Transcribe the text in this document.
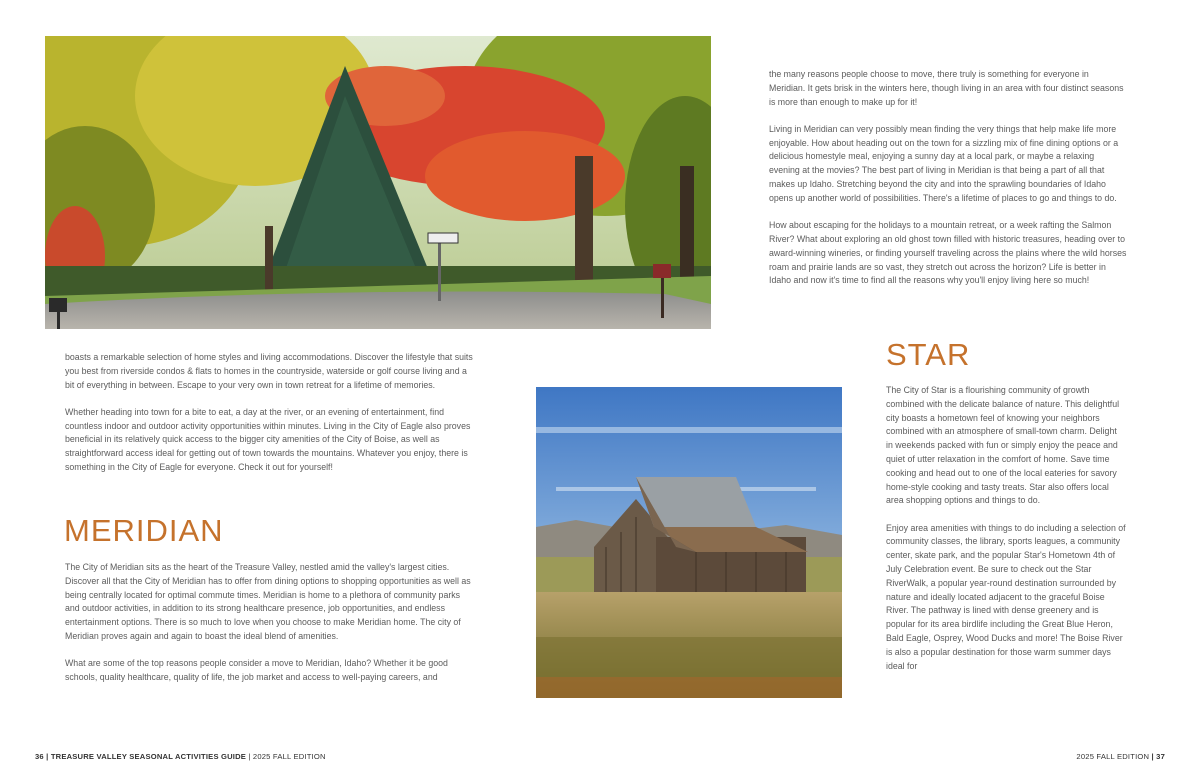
the many reasons people choose to move, there truly is something for everyone in Meridian. It gets brisk in the winters here, though living in an area with four distinct seasons is more than enough to make up for it!

Living in Meridian can very possibly mean finding the very things that help make life more enjoyable. How about heading out on the town for a sizzling mix of fine dining options or a delicious homestyle meal, enjoying a sunny day at a local park, or maybe a relaxing evening at the movies? The best part of living in Meridian is that being a part of all that makes up Idaho. Stretching beyond the city and into the sprawling boundaries of Idaho opens up another world of possibilities. There's a lifetime of places to go and things to do.

How about escaping for the holidays to a mountain retreat, or a week rafting the Salmon River? What about exploring an old ghost town filled with historic treasures, heading over to award-winning wineries, or finding yourself traveling across the plains where the wild horses roam and prairie lands are so vast, they stretch out across the horizon? Life is better in Idaho and now it's time to find all the reasons why you'll enjoy living here so much!

boasts a remarkable selection of home styles and living accommodations. Discover the lifestyle that suits you best from riverside condos & flats to homes in the countryside, waterside or golf course living and a bit of everything in between. Escape to your very own in town retreat for a lifetime of memories.

Whether heading into town for a bite to eat, a day at the river, or an evening of entertainment, find countless indoor and outdoor activity opportunities within minutes. Living in the City of Eagle also proves beneficial in its relatively quick access to the bigger city amenities of the City of Boise, as well as straightforward access ideal for getting out of town towards the mountains. Whatever you enjoy, there is something in the City of Eagle for everyone. Check it out for yourself!

MERIDIAN

The City of Meridian sits as the heart of the Treasure Valley, nestled amid the valley's largest cities. Discover all that the City of Meridian has to offer from dining options to shopping opportunities as well as being centrally located for optimal commute times. Meridian is home to a plethora of community parks and outdoor activities, in addition to its strong healthcare presence, job opportunities, and endless entertainment options. There is so much to love when you choose to make Meridian home. The city of Meridian proves again and again to boast the ideal blend of amenities.

What are some of the top reasons people consider a move to Meridian, Idaho? Whether it be good schools, quality healthcare, quality of life, the job market and access to well-paying careers, and

STAR

The City of Star is a flourishing community of growth combined with the delicate balance of nature. This delightful city boasts a hometown feel of knowing your neighbors combined with an atmosphere of small-town charm. Delight in weekends packed with fun or simply enjoy the peace and quiet of utter relaxation in the comfort of home. Save time cooking and head out to one of the local eateries for savory home-style cooking and tasty treats. Star also offers local area shopping options and things to do.

Enjoy area amenities with things to do including a selection of community classes, the library, sports leagues, a community center, skate park, and the popular Star's Hometown 4th of July Celebration event. Be sure to check out the Star RiverWalk, a popular year-round destination surrounded by nature and ideally located adjacent to the graceful Boise River. The pathway is lined with dense greenery and is popular for its area birdlife including the Great Blue Heron, Bald Eagle, Osprey, Wood Ducks and more! The Boise River is also a popular destination for those warm summer days ideal for

36 | TREASURE VALLEY SEASONAL ACTIVITIES GUIDE | 2025 FALL EDITION	2025 FALL EDITION | 37
